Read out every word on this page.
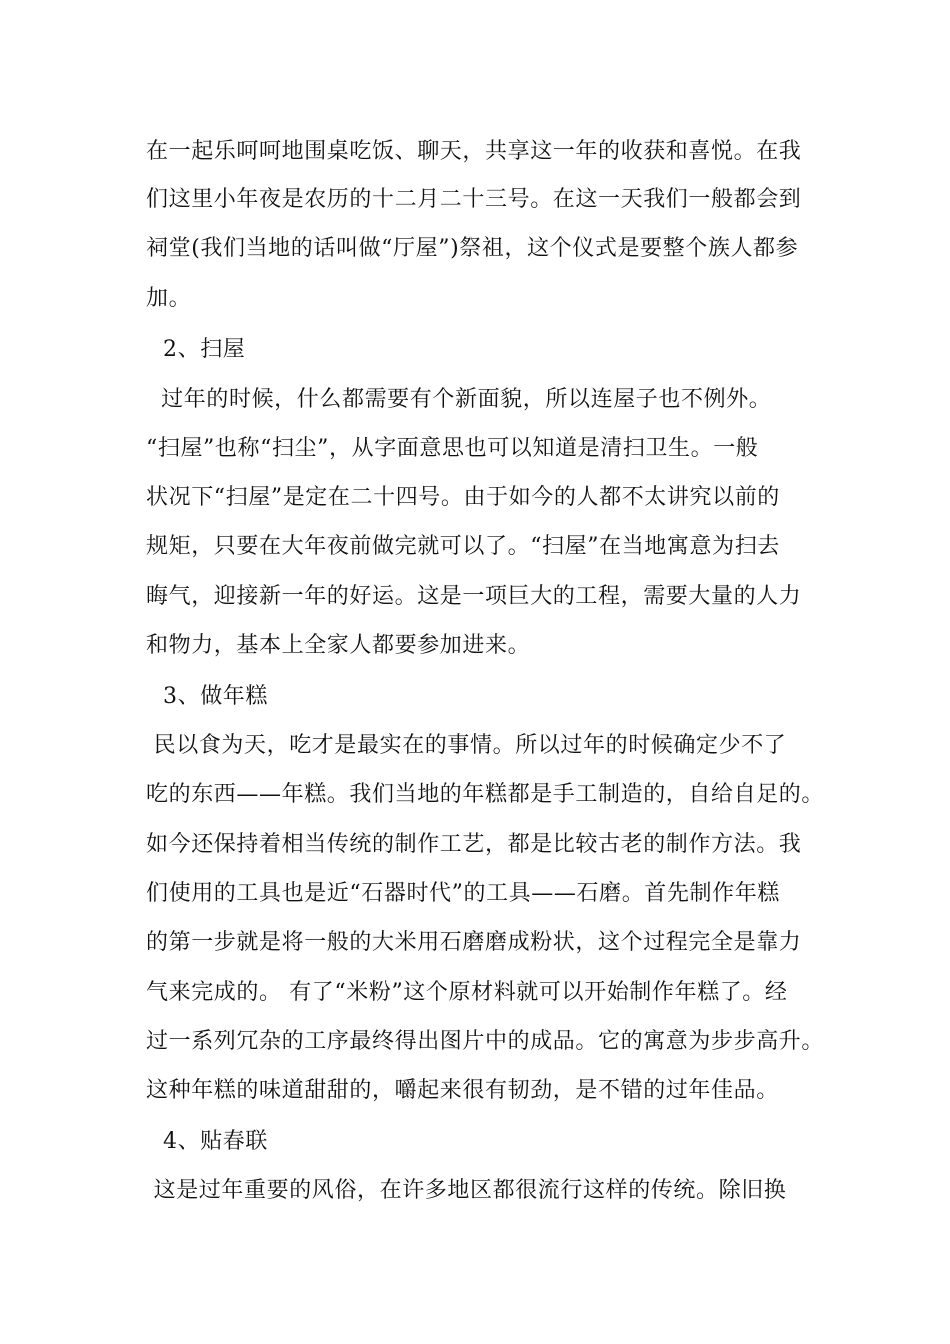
在一起乐呵呵地围桌吃饭、聊天，共享这一年的收获和喜悦。在我
们这里小年夜是农历的十二月二十三号。在这一天我们一般都会到
祠堂(我们当地的话叫做“厅屋”)祭祖，这个仪式是要整个族人都参
加。
2、扫屋
过年的时候，什么都需要有个新面貌，所以连屋子也不例外。
“扫屋”也称“扫尘”，从字面意思也可以知道是清扫卫生。一般
状况下“扫屋”是定在二十四号。由于如今的人都不太讲究以前的
规矩，只要在大年夜前做完就可以了。“扫屋”在当地寓意为扫去
晦气，迎接新一年的好运。这是一项巨大的工程，需要大量的人力
和物力，基本上全家人都要参加进来。
3、做年糕
民以食为天，吃才是最实在的事情。所以过年的时候确定少不了
吃的东西——年糕。我们当地的年糕都是手工制造的，自给自足的。
如今还保持着相当传统的制作工艺，都是比较古老的制作方法。我
们使用的工具也是近“石器时代”的工具——石磨。首先制作年糕
的第一步就是将一般的大米用石磨磨成粉状，这个过程完全是靠力
气来完成的。 有了“米粉”这个原材料就可以开始制作年糕了。经
过一系列冗杂的工序最终得出图片中的成品。它的寓意为步步高升。
这种年糕的味道甜甜的，嚼起来很有韧劲，是不错的过年佳品。
4、贴春联
这是过年重要的风俗，在许多地区都很流行这样的传统。除旧换
